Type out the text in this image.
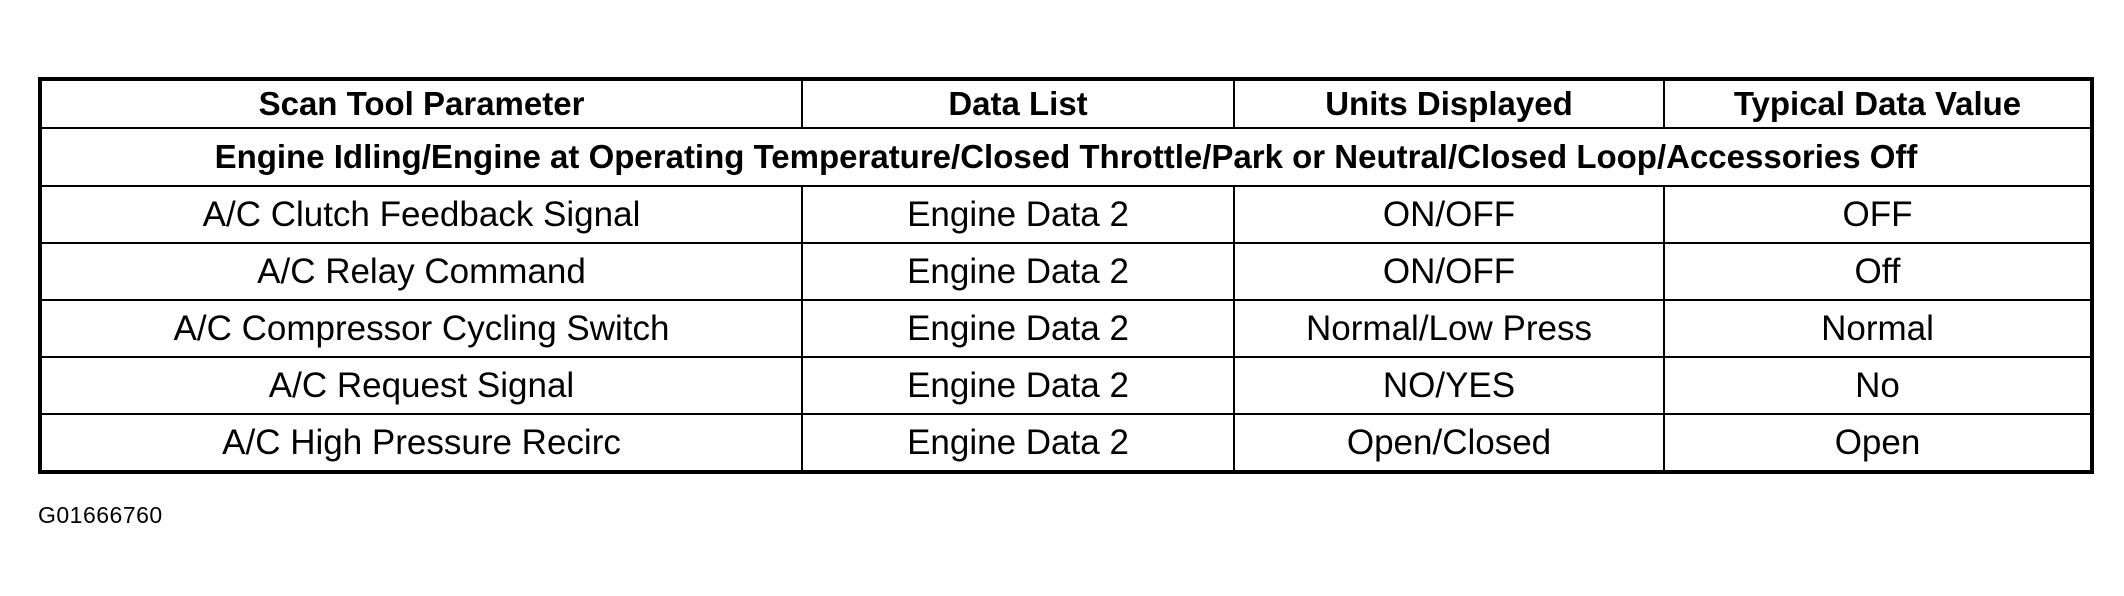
Scan Tool Parameter	Data List	Units Displayed	Typical Data Value
Engine Idling/Engine at Operating Temperature/Closed Throttle/Park or Neutral/Closed Loop/Accessories Off			
A/C Clutch Feedback Signal	Engine Data 2	ON/OFF	OFF
A/C Relay Command	Engine Data 2	ON/OFF	Off
A/C Compressor Cycling Switch	Engine Data 2	Normal/Low Press	Normal
A/C Request Signal	Engine Data 2	NO/YES	No
A/C High Pressure Recirc	Engine Data 2	Open/Closed	Open
G01666760
